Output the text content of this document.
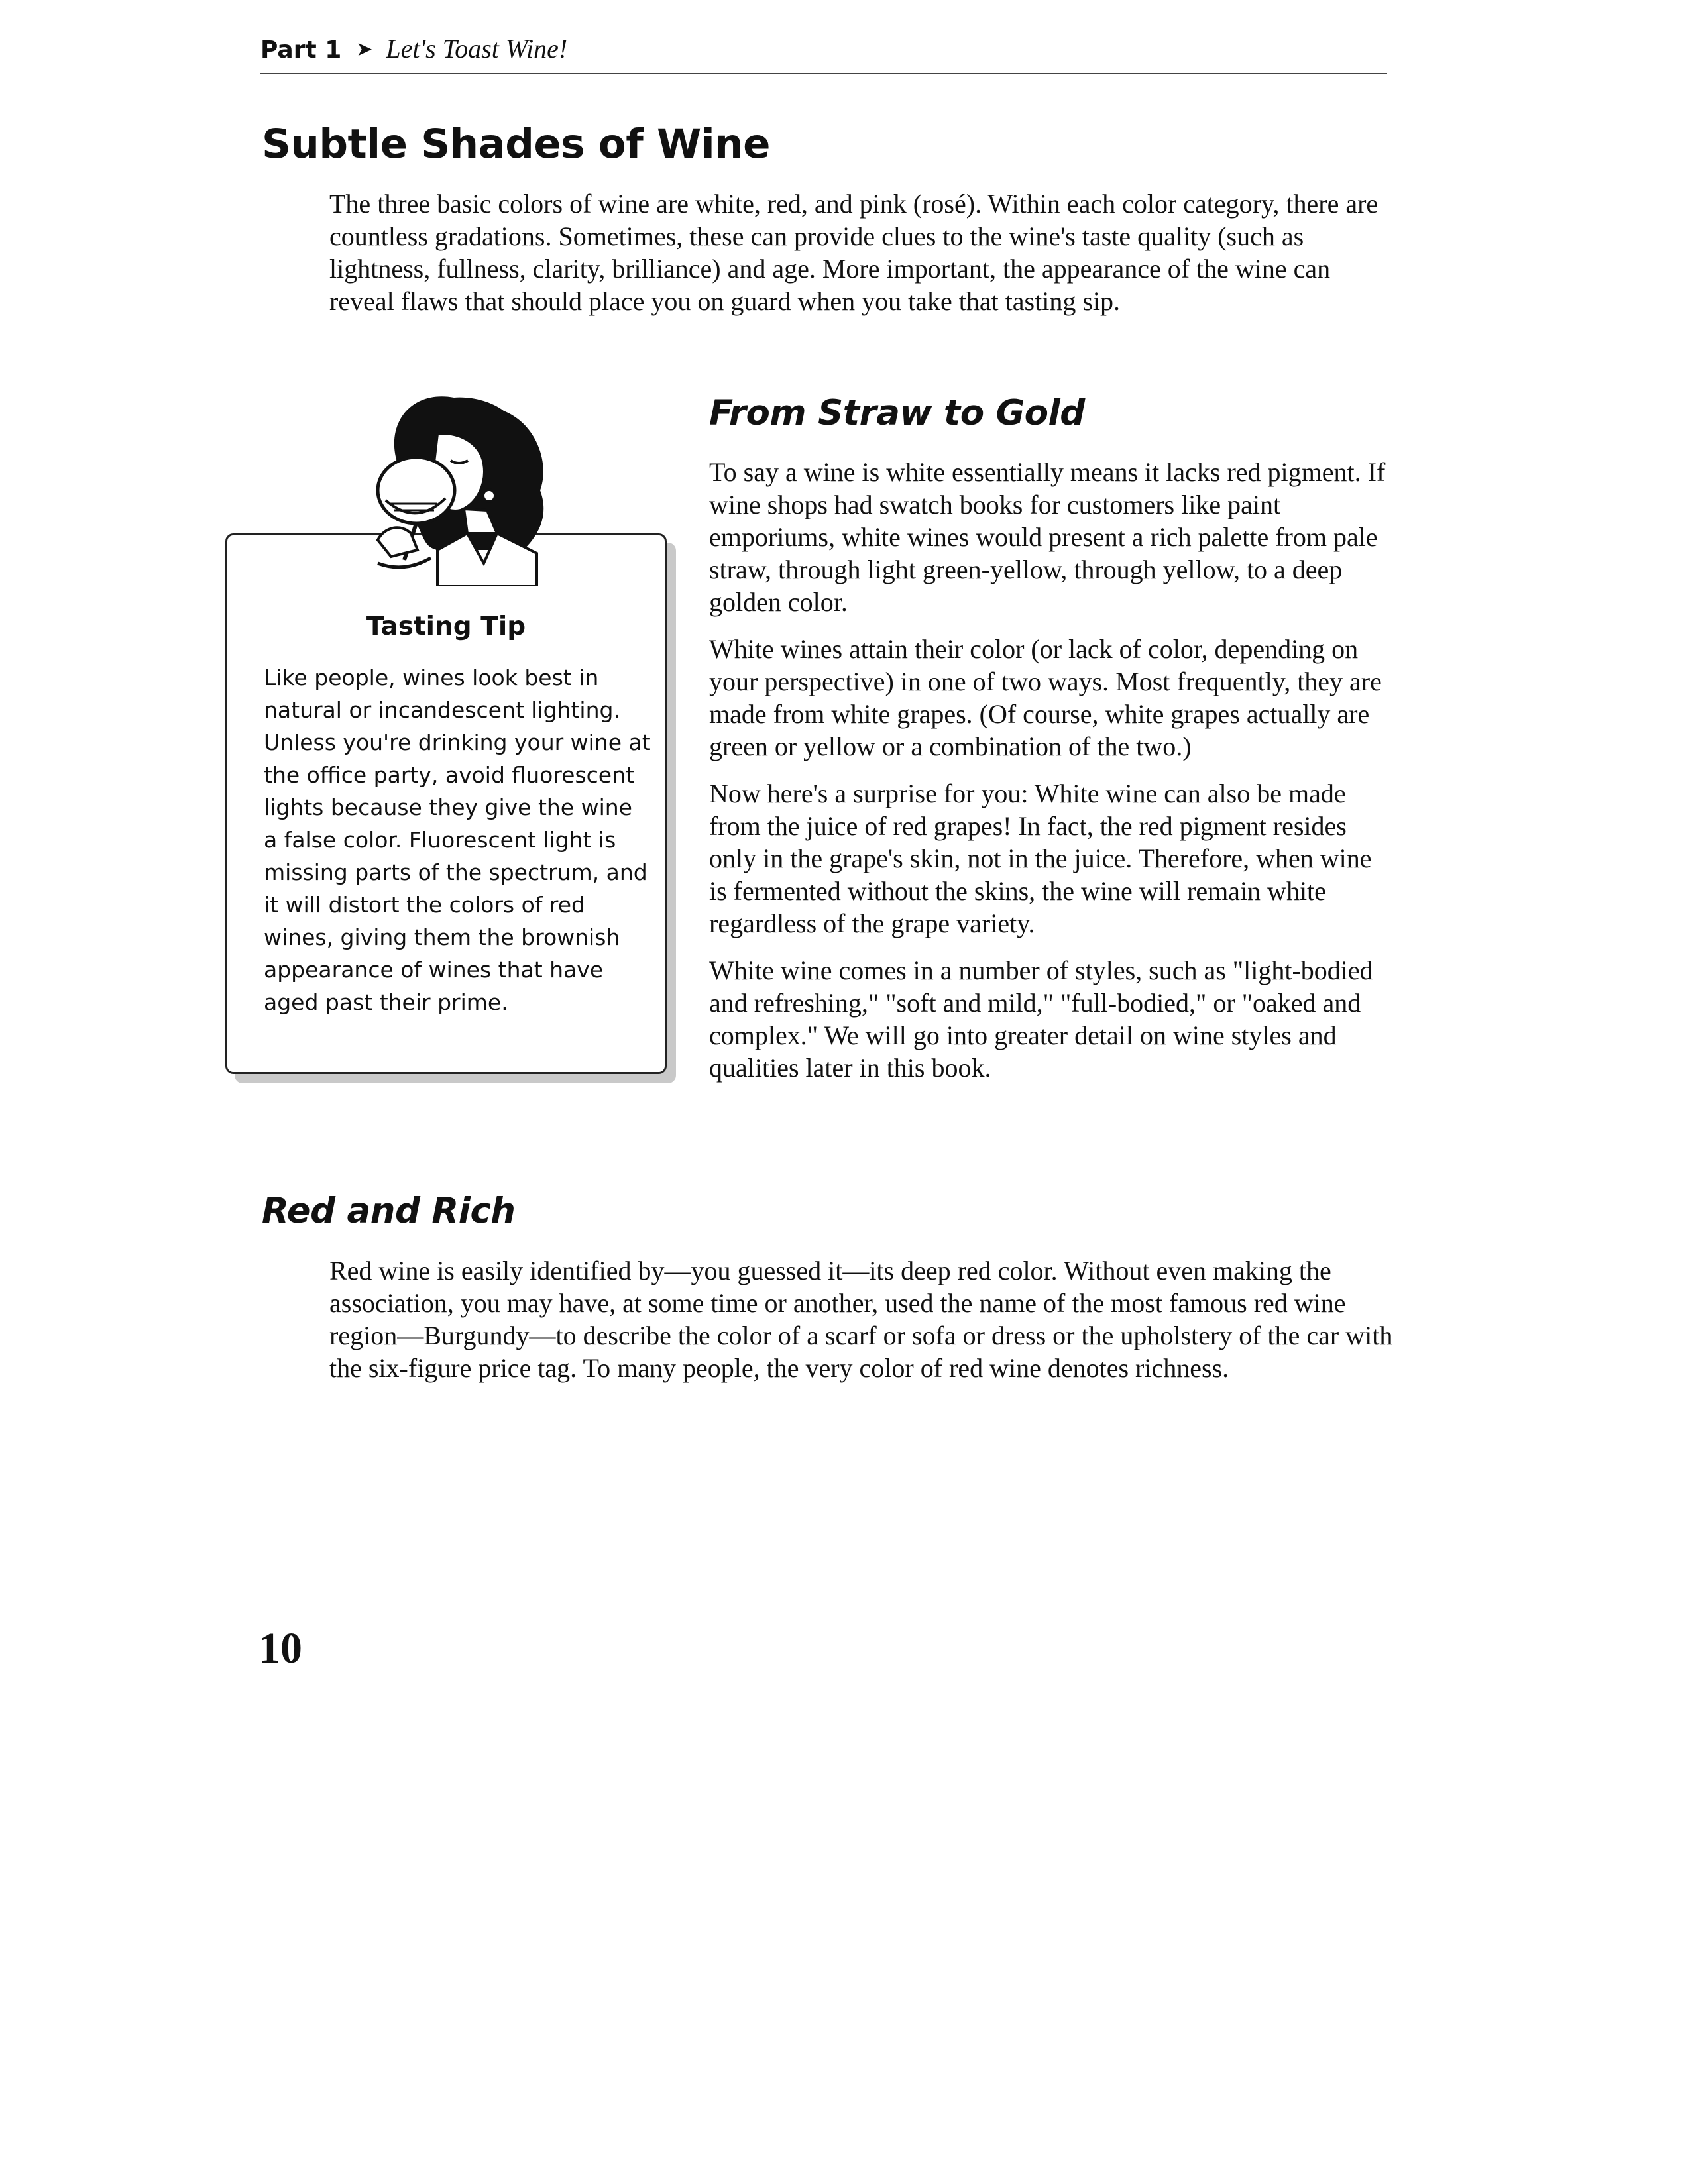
Part 1 ➤ Let's Toast Wine!
Subtle Shades of Wine

The three basic colors of wine are white, red, and pink (rosé). Within each color category, there are countless gradations. Sometimes, these can provide clues to the wine's taste quality (such as lightness, fullness, clarity, brilliance) and age. More important, the appearance of the wine can reveal flaws that should place you on guard when you take that tasting sip.

Tasting Tip

Like people, wines look best in natural or incandescent lighting. Unless you're drinking your wine at the office party, avoid fluorescent lights because they give the wine a false color. Fluorescent light is missing parts of the spectrum, and it will distort the colors of red wines, giving them the brownish appearance of wines that have aged past their prime.

From Straw to Gold

To say a wine is white essentially means it lacks red pigment. If wine shops had swatch books for customers like paint emporiums, white wines would present a rich palette from pale straw, through light green-yellow, through yellow, to a deep golden color.

White wines attain their color (or lack of color, depending on your perspective) in one of two ways. Most frequently, they are made from white grapes. (Of course, white grapes actually are green or yellow or a combination of the two.)

Now here's a surprise for you: White wine can also be made from the juice of red grapes! In fact, the red pigment resides only in the grape's skin, not in the juice. Therefore, when wine is fermented without the skins, the wine will remain white regardless of the grape variety.

White wine comes in a number of styles, such as "light-bodied and refreshing," "soft and mild," "full-bodied," or "oaked and complex." We will go into greater detail on wine styles and qualities later in this book.

Red and Rich

Red wine is easily identified by—you guessed it—its deep red color. Without even making the association, you may have, at some time or another, used the name of the most famous red wine region—Burgundy—to describe the color of a scarf or sofa or dress or the upholstery of the car with the six-figure price tag. To many people, the very color of red wine denotes richness.

10
